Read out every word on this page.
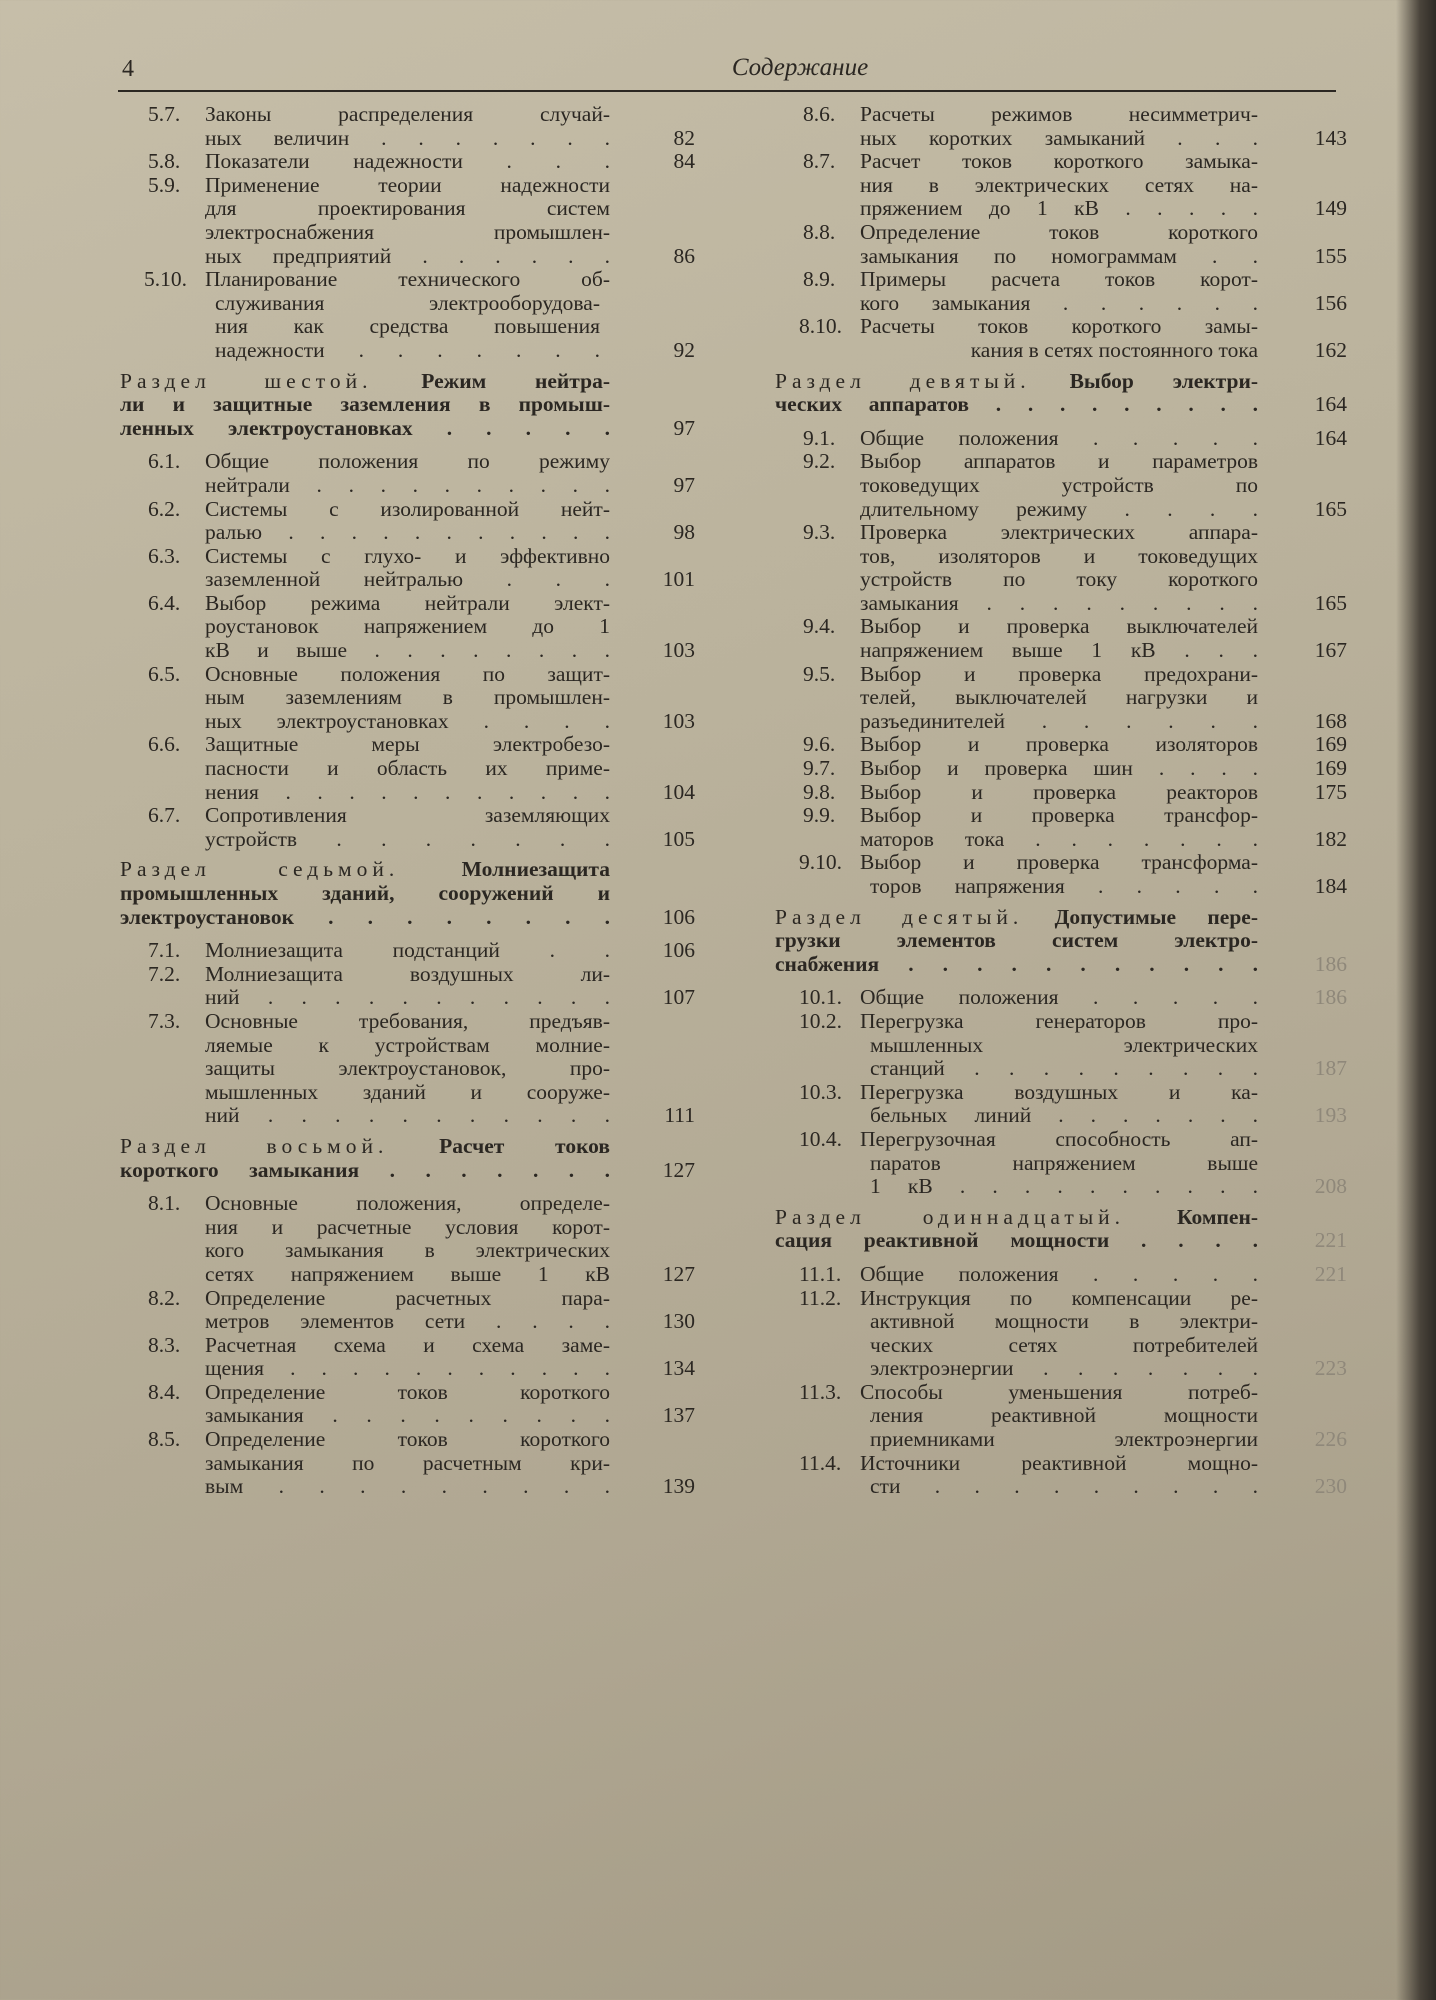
4	Содержание
5.7.	Законы распределения случай-
ных величин . . . . . . .	82
5.8.	Показатели надежности . . .	84
5.9.	Применение теории надежности
для проектирования систем
электроснабжения промышлен-
ных предприятий . . . . . .	86
5.10. Планирование технического об-
служивания электрооборудова-
ния как средства повышения
надежности . . . . . . .	92
Раздел шестой. Режим нейтра-
ли и защитные заземления в промыш-
ленных электроустановках . . . . .	97
6.1.	Общие положения по режиму
нейтрали . . . . . . . . . .	97
6.2.	Системы с изолированной нейт-
ралью . . . . . . . . . . .	98
6.3.	Системы с глухо- и эффективно
заземленной нейтралью . . .	101
6.4.	Выбор режима нейтрали элект-
роустановок напряжением до 1
кВ и выше . . . . . . . .	103
6.5.	Основные положения по защит-
ным заземлениям в промышлен-
ных электроустановках . . . .	103
6.6.	Защитные меры электробезо-
пасности и область их приме-
нения . . . . . . . . . . .	104
6.7.	Сопротивления заземляющих
устройств . . . . . . .	105
Раздел седьмой.	Молниезащита
промышленных зданий, сооружений и
электроустановок . . . . . . . .	106
7.1.	Молниезащита подстанций . .	106
7.2.	Молниезащита воздушных ли-
ний . . . . . . . . . . .	107
7.3.	Основные требования, предъяв-
ляемые к устройствам молние-
защиты электроустановок, про-
мышленных зданий и сооруже-
ний . . . . . . . . . . .	111
Раздел восьмой. Расчет токов
короткого замыкания . . . . . . .	127
8.1.	Основные положения, определе-
ния и расчетные условия корот-
кого замыкания в электрических
сетях напряжением выше 1 кВ	127
8.2.	Определение расчетных пара-
метров элементов сети . . . .	130
8.3.	Расчетная схема и схема заме-
щения . . . . . . . . . . .	134
8.4.	Определение токов короткого
замыкания . . . . . . . . .	137
8.5.	Определение токов короткого
замыкания по расчетным кри-
вым . . . . . . . . .	139
8.6.	Расчеты режимов несимметрич-
ных коротких замыканий . . .	143
8.7.	Расчет токов короткого замыка-
ния в электрических сетях на-
пряжением до 1 кВ . . . . .	149
8.8.	Определение токов короткого
замыкания по номограммам . .	155
8.9.	Примеры расчета токов корот-
кого замыкания . . . . . .	156
8.10. Расчеты токов короткого замы-
кания в сетях постоянного тока	162
Раздел девятый. Выбор электри-
ческих аппаратов . . . . . . . . .	164
9.1.	Общие положения . . . . .	164
9.2.	Выбор аппаратов и параметров
токоведущих устройств по
длительному режиму . . . .	165
9.3.	Проверка электрических аппара-
тов, изоляторов и токоведущих
устройств по току короткого
замыкания . . . . . . . . .	165
9.4.	Выбор и проверка выключателей
напряжением выше 1 кВ . . .	167
9.5.	Выбор и проверка предохрани-
телей, выключателей нагрузки и
разъединителей . . . . . .	168
9.6.	Выбор и проверка изоляторов	169
9.7.	Выбор и проверка шин . . . .	169
9.8.	Выбор и проверка реакторов	175
9.9.	Выбор и проверка трансфор-
маторов тока . . . . . . .	182
9.10. Выбор и проверка трансформа-
торов напряжения . . . . .	184
Раздел десятый. Допустимые пере-
грузки элементов систем электро-
снабжения . . . . . . . . . . .	186
10.1. Общие положения . . . . .	186
10.2. Перегрузка генераторов про-
мышленных электрических
станций . . . . . . . . .	187
10.3. Перегрузка воздушных и ка-
бельных линий . . . . . . .	193
10.4. Перегрузочная способность ап-
паратов напряжением выше
1 кВ . . . . . . . . . .	208
Раздел одиннадцатый. Компен-
сация реактивной мощности . . . .	221
11.1. Общие положения . . . . .	221
11.2. Инструкция по компенсации ре-
активной мощности в электри-
ческих сетях потребителей
электроэнергии . . . . . . .	223
11.3. Способы уменьшения потреб-
ления реактивной мощности
приемниками электроэнергии	226
11.4. Источники реактивной мощно-
сти . . . . . . . . .	230
